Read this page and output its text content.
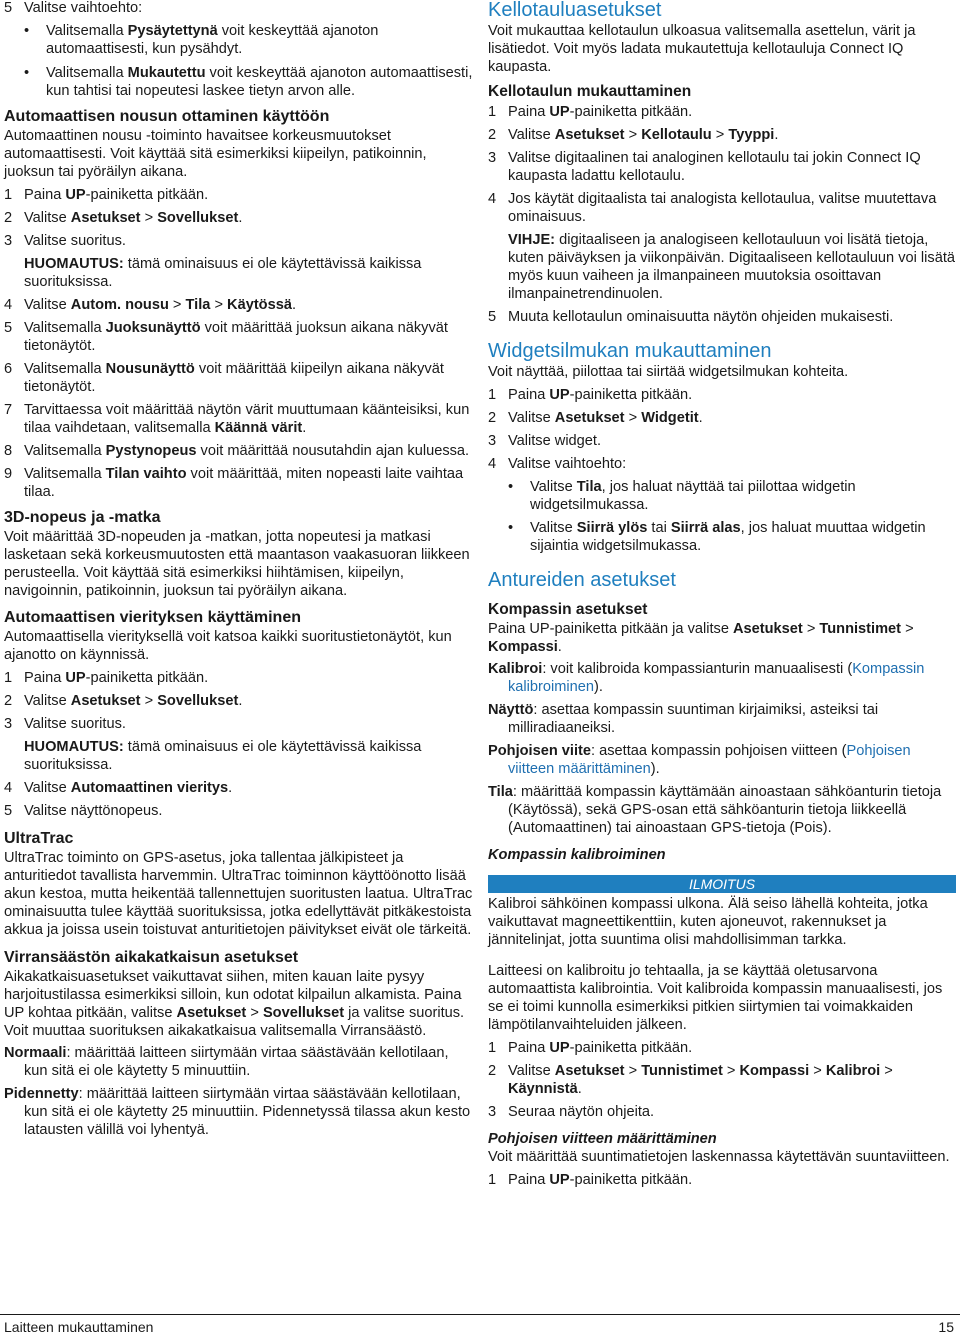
5 Valitse vaihtoehto:
•	Valitsemalla Pysäytettynä voit keskeyttää ajanoton automaattisesti, kun pysähdyt.
•	Valitsemalla Mukautettu voit keskeyttää ajanoton automaattisesti, kun tahtisi tai nopeutesi laskee tietyn arvon alle.
Automaattisen nousun ottaminen käyttöön

Automaattinen nousu -toiminto havaitsee korkeusmuutokset automaattisesti. Voit käyttää sitä esimerkiksi kiipeilyn, patikoinnin, juoksun tai pyöräilyn aikana.

1 Paina UP-painiketta pitkään.
2 Valitse Asetukset > Sovellukset.
3 Valitse suoritus.
HUOMAUTUS: tämä ominaisuus ei ole käytettävissä kaikissa suorituksissa.
4 Valitse Autom. nousu > Tila > Käytössä.
5 Valitsemalla Juoksunäyttö voit määrittää juoksun aikana näkyvät tietonäytöt.
6 Valitsemalla Nousunäyttö voit määrittää kiipeilyn aikana näkyvät tietonäytöt.
7 Tarvittaessa voit määrittää näytön värit muuttumaan käänteisiksi, kun tilaa vaihdetaan, valitsemalla Käännä värit.
8 Valitsemalla Pystynopeus voit määrittää nousutahdin ajan kuluessa.
9 Valitsemalla Tilan vaihto voit määrittää, miten nopeasti laite vaihtaa tilaa.
3D-nopeus ja -matka

Voit määrittää 3D-nopeuden ja -matkan, jotta nopeutesi ja matkasi lasketaan sekä korkeusmuutosten että maantason vaakasuoran liikkeen perusteella. Voit käyttää sitä esimerkiksi hiihtämisen, kiipeilyn, navigoinnin, patikoinnin, juoksun tai pyöräilyn aikana.

Automaattisen vierityksen käyttäminen

Automaattisella vierityksellä voit katsoa kaikki suoritustietonäytöt, kun ajanotto on käynnissä.

1 Paina UP-painiketta pitkään.
2 Valitse Asetukset > Sovellukset.
3 Valitse suoritus.
HUOMAUTUS: tämä ominaisuus ei ole käytettävissä kaikissa suorituksissa.
4 Valitse Automaattinen vieritys.
5 Valitse näyttönopeus.
UltraTrac

UltraTrac toiminto on GPS-asetus, joka tallentaa jälkipisteet ja anturitiedot tavallista harvemmin. UltraTrac toiminnon käyttöönotto lisää akun kestoa, mutta heikentää tallennettujen suoritusten laatua. UltraTrac ominaisuutta tulee käyttää suorituksissa, jotka edellyttävät pitkäkestoista akkua ja joissa usein toistuvat anturitietojen päivitykset eivät ole tärkeitä.

Virransäästön aikakatkaisun asetukset

Aikakatkaisuasetukset vaikuttavat siihen, miten kauan laite pysyy harjoitustilassa esimerkiksi silloin, kun odotat kilpailun alkamista. Paina UP kohtaa pitkään, valitse Asetukset > Sovellukset ja valitse suoritus. Voit muuttaa suorituksen aikakatkaisua valitsemalla Virransäästö.

Normaali: määrittää laitteen siirtymään virtaa säästävään kellotilaan, kun sitä ei ole käytetty 5 minuuttiin.

Pidennetty: määrittää laitteen siirtymään virtaa säästävään kellotilaan, kun sitä ei ole käytetty 25 minuuttiin. Pidennetyssä tilassa akun kesto latausten välillä voi lyhentyä.

Kellotauluasetukset

Voit mukauttaa kellotaulun ulkoasua valitsemalla asettelun, värit ja lisätiedot. Voit myös ladata mukautettuja kellotauluja Connect IQ kaupasta.

Kellotaulun mukauttaminen
1 Paina UP-painiketta pitkään.
2 Valitse Asetukset > Kellotaulu > Tyyppi.
3 Valitse digitaalinen tai analoginen kellotaulu tai jokin Connect IQ kaupasta ladattu kellotaulu.
4 Jos käytät digitaalista tai analogista kellotaulua, valitse muutettava ominaisuus.
VIHJE: digitaaliseen ja analogiseen kellotauluun voi lisätä tietoja, kuten päiväyksen ja viikonpäivän. Digitaaliseen kellotauluun voi lisätä myös kuun vaiheen ja ilmanpaineen muutoksia osoittavan ilmanpainetrendinuolen.
5 Muuta kellotaulun ominaisuutta näytön ohjeiden mukaisesti.
Widgetsilmukan mukauttaminen

Voit näyttää, piilottaa tai siirtää widgetsilmukan kohteita.

1 Paina UP-painiketta pitkään.
2 Valitse Asetukset > Widgetit.
3 Valitse widget.
4 Valitse vaihtoehto:
•	Valitse Tila, jos haluat näyttää tai piilottaa widgetin widgetsilmukassa.
•	Valitse Siirrä ylös tai Siirrä alas, jos haluat muuttaa widgetin sijaintia widgetsilmukassa.
Antureiden asetukset
Kompassin asetukset

Paina UP-painiketta pitkään ja valitse Asetukset > Tunnistimet > Kompassi.

Kalibroi: voit kalibroida kompassianturin manuaalisesti (Kompassin kalibroiminen).

Näyttö: asettaa kompassin suuntiman kirjaimiksi, asteiksi tai milliradiaaneiksi.

Pohjoisen viite: asettaa kompassin pohjoisen viitteen (Pohjoisen viitteen määrittäminen).

Tila: määrittää kompassin käyttämään ainoastaan sähköanturin tietoja (Käytössä), sekä GPS-osan että sähköanturin tietoja liikkeellä (Automaattinen) tai ainoastaan GPS-tietoja (Pois).

Kompassin kalibroiminen
ILMOITUS

Kalibroi sähköinen kompassi ulkona. Älä seiso lähellä kohteita, jotka vaikuttavat magneettikenttiin, kuten ajoneuvot, rakennukset ja jännitelinjat, jotta suuntima olisi mahdollisimman tarkka.

Laitteesi on kalibroitu jo tehtaalla, ja se käyttää oletusarvona automaattista kalibrointia. Voit kalibroida kompassin manuaalisesti, jos se ei toimi kunnolla esimerkiksi pitkien siirtymien tai voimakkaiden lämpötilanvaihteluiden jälkeen.

1 Paina UP-painiketta pitkään.
2 Valitse Asetukset > Tunnistimet > Kompassi > Kalibroi > Käynnistä.
3 Seuraa näytön ohjeita.
Pohjoisen viitteen määrittäminen

Voit määrittää suuntimatietojen laskennassa käytettävän suuntaviitteen.

1 Paina UP-painiketta pitkään.
Laitteen mukauttaminen	15
